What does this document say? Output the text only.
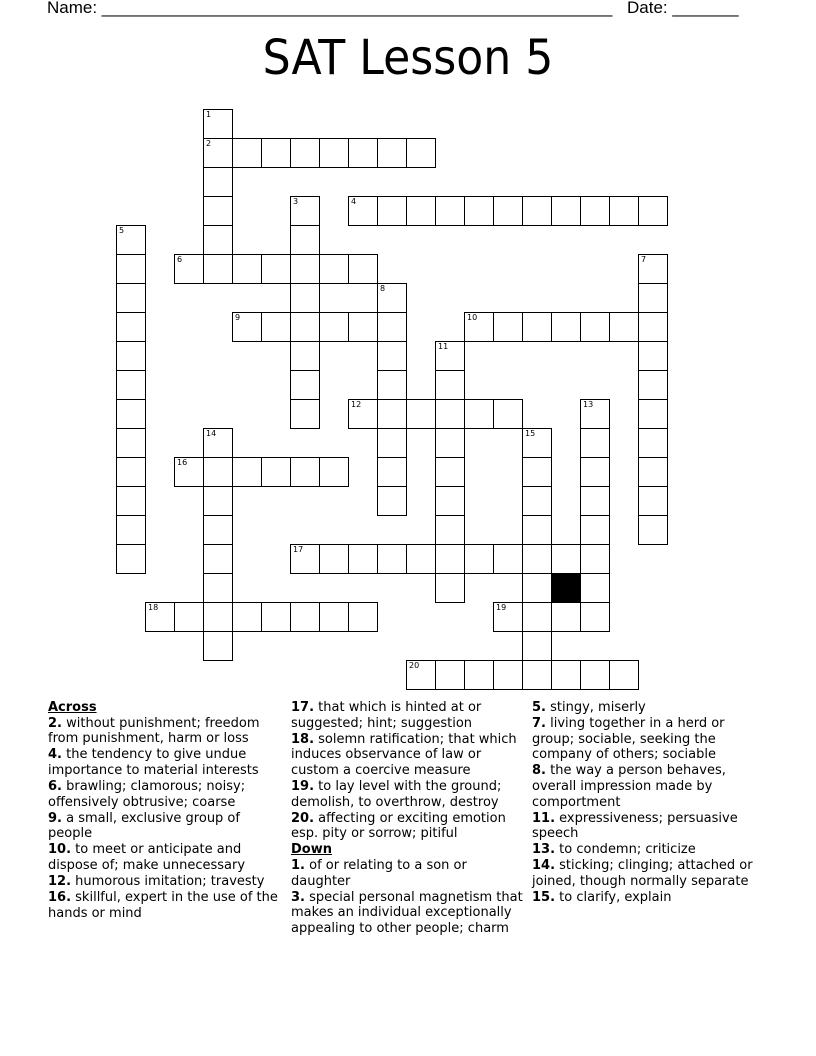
Name: ______________________________________________________ Date: _______
SAT Lesson 5
1
2
3	4
5
6	7
8
9	10
11
12	13
14	15
16
17
18	19
20
Across
2. without punishment; freedom from punishment, harm or loss
4. the tendency to give undue importance to material interests
6. brawling; clamorous; noisy; offensively obtrusive; coarse
9. a small, exclusive group of people
10. to meet or anticipate and dispose of; make unnecessary
12. humorous imitation; travesty
16. skillful, expert in the use of the hands or mind
17. that which is hinted at or suggested; hint; suggestion
18. solemn ratification; that which induces observance of law or custom a coercive measure
19. to lay level with the ground; demolish, to overthrow, destroy
20. affecting or exciting emotion esp. pity or sorrow; pitiful
Down
1. of or relating to a son or daughter
3. special personal magnetism that makes an individual exceptionally appealing to other people; charm
5. stingy, miserly
7. living together in a herd or group; sociable, seeking the company of others; sociable
8. the way a person behaves, overall impression made by comportment
11. expressiveness; persuasive speech
13. to condemn; criticize
14. sticking; clinging; attached or joined, though normally separate
15. to clarify, explain
